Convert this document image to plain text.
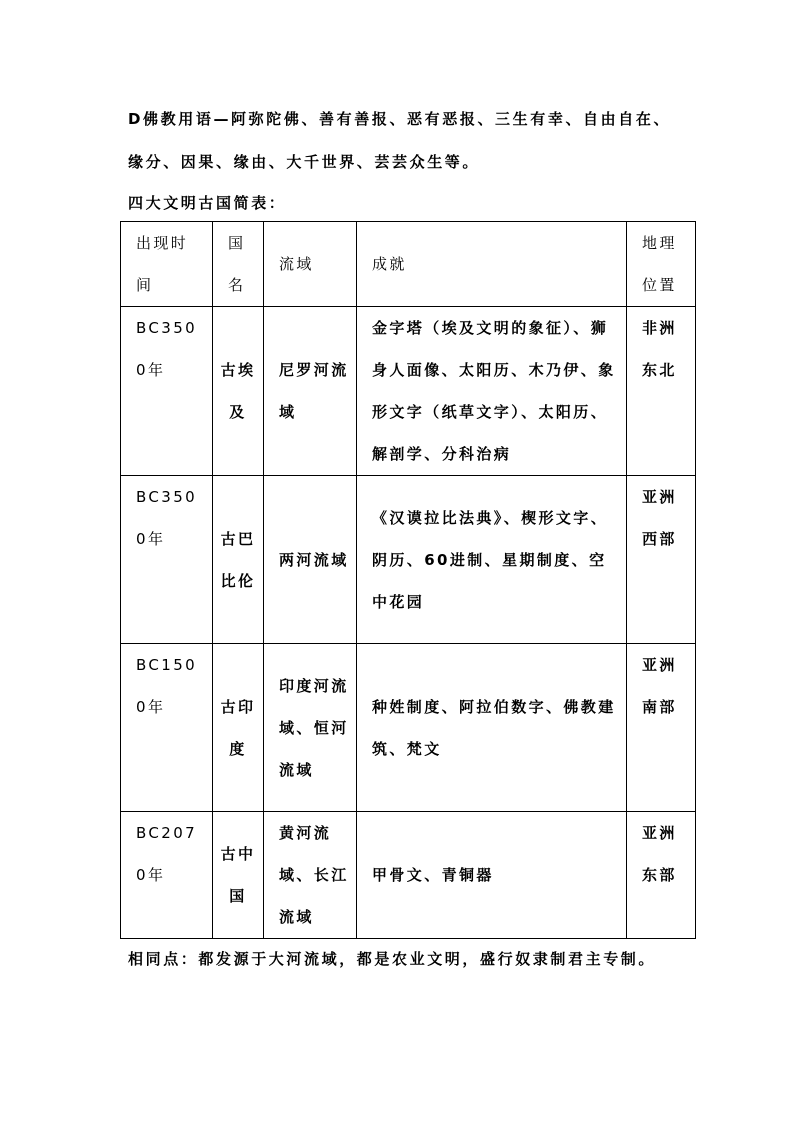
D佛教用语—阿弥陀佛、善有善报、恶有恶报、三生有幸、自由自在、
缘分、因果、缘由、大千世界、芸芸众生等。
四大文明古国简表：
出现时间	国名	流域	成就	地理位置
BC3500年	古埃及	尼罗河流域	金字塔（埃及文明的象征）、狮身人面像、太阳历、木乃伊、象形文字（纸草文字）、太阳历、解剖学、分科治病	非洲东北
BC3500年	古巴比伦	两河流域	《汉谟拉比法典》、楔形文字、阴历、60进制、星期制度、空中花园	亚洲西部
BC1500年	古印度	印度河流域、恒河流域	种姓制度、阿拉伯数字、佛教建筑、梵文	亚洲南部
BC2070年	古中国	黄河流域、长江流域	甲骨文、青铜器	亚洲东部
相同点：都发源于大河流域，都是农业文明，盛行奴隶制君主专制。
